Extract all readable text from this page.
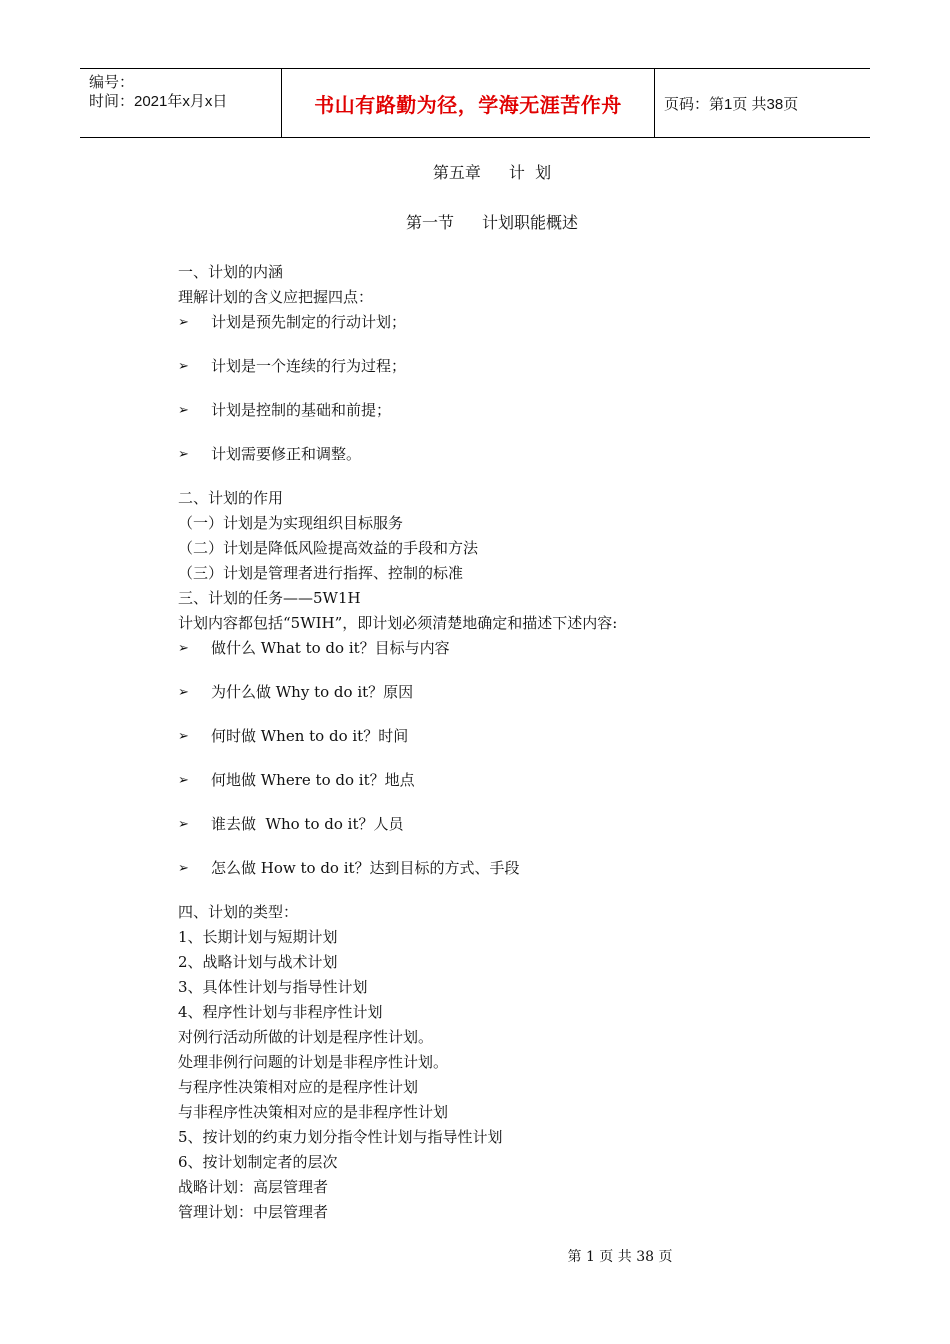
编号：
时间：2021年x月x日	书山有路勤为径，学海无涯苦作舟	页码：第1页 共38页
第五章 计  划
第一节 计划职能概述
一、计划的内涵
理解计划的含义应把握四点：
➢	计划是预先制定的行动计划；
➢	计划是一个连续的行为过程；
➢	计划是控制的基础和前提；
➢	计划需要修正和调整。
二、计划的作用
（一）计划是为实现组织目标服务
（二）计划是降低风险提高效益的手段和方法
（三）计划是管理者进行指挥、控制的标准
三、计划的任务——5W1H
计划内容都包括“5WIH”，即计划必须清楚地确定和描述下述内容:
➢	做什么 What to do it？目标与内容
➢	为什么做 Why to do it？原因
➢	何时做 When to do it？时间
➢	何地做 Where to do it？地点
➢	谁去做  Who to do it？人员
➢	怎么做 How to do it？达到目标的方式、手段
四、计划的类型：
1、长期计划与短期计划
2、战略计划与战术计划
3、具体性计划与指导性计划
4、程序性计划与非程序性计划
对例行活动所做的计划是程序性计划。
处理非例行问题的计划是非程序性计划。
与程序性决策相对应的是程序性计划
与非程序性决策相对应的是非程序性计划
5、按计划的约束力划分指令性计划与指导性计划
6、按计划制定者的层次
战略计划：高层管理者
管理计划：中层管理者
第 1 页 共 38 页
